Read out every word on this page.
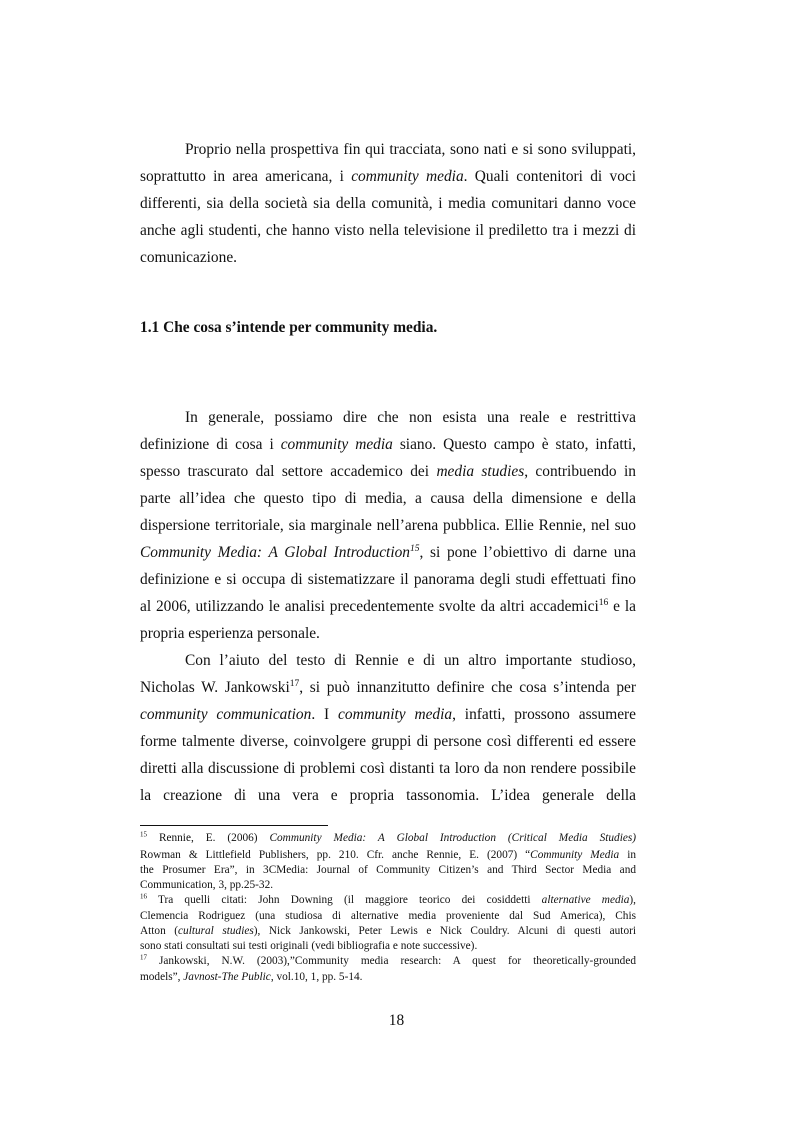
Proprio nella prospettiva fin qui tracciata, sono nati e si sono sviluppati,
soprattutto in area americana, i community media. Quali contenitori di voci
differenti, sia della società sia della comunità, i media comunitari danno voce
anche agli studenti, che hanno visto nella televisione il prediletto tra i mezzi di
comunicazione.
1.1 Che cosa s’intende per community media.
In generale, possiamo dire che non esista una reale e restrittiva
definizione di cosa i community media siano. Questo campo è stato, infatti,
spesso trascurato dal settore accademico dei media studies, contribuendo in
parte all’idea che questo tipo di media, a causa della dimensione e della
dispersione territoriale, sia marginale nell’arena pubblica. Ellie Rennie, nel suo
Community Media: A Global Introduction$^{15}$, si pone l’obiettivo di darne una
definizione e si occupa di sistematizzare il panorama degli studi effettuati fino
al 2006, utilizzando le analisi precedentemente svolte da altri accademici$^{16}$ e la
propria esperienza personale.
Con l’aiuto del testo di Rennie e di un altro importante studioso,
Nicholas W. Jankowski$^{17}$, si può innanzitutto definire che cosa s’intenda per
community communication. I community media, infatti, prossono assumere
forme talmente diverse, coinvolgere gruppi di persone così differenti ed essere
diretti alla discussione di problemi così distanti ta loro da non rendere possibile
la creazione di una vera e propria tassonomia. L’idea generale della
$^{15}$ Rennie, E. (2006) Community Media: A Global Introduction (Critical Media Studies)
Rowman & Littlefield Publishers, pp. 210. Cfr. anche Rennie, E. (2007) “Community Media in
the Prosumer Era”, in 3CMedia: Journal of Community Citizen’s and Third Sector Media and
Communication, 3, pp.25-32.
$^{16}$ Tra quelli citati: John Downing (il maggiore teorico dei cosiddetti alternative media),
Clemencia Rodriguez (una studiosa di alternative media proveniente dal Sud America), Chis
Atton (cultural studies), Nick Jankowski, Peter Lewis e Nick Couldry. Alcuni di questi autori
sono stati consultati sui testi originali (vedi bibliografia e note successive).
$^{17}$ Jankowski, N.W. (2003),”Community media research: A quest for theoretically-grounded
models”, Javnost-The Public, vol.10, 1, pp. 5-14.
18
